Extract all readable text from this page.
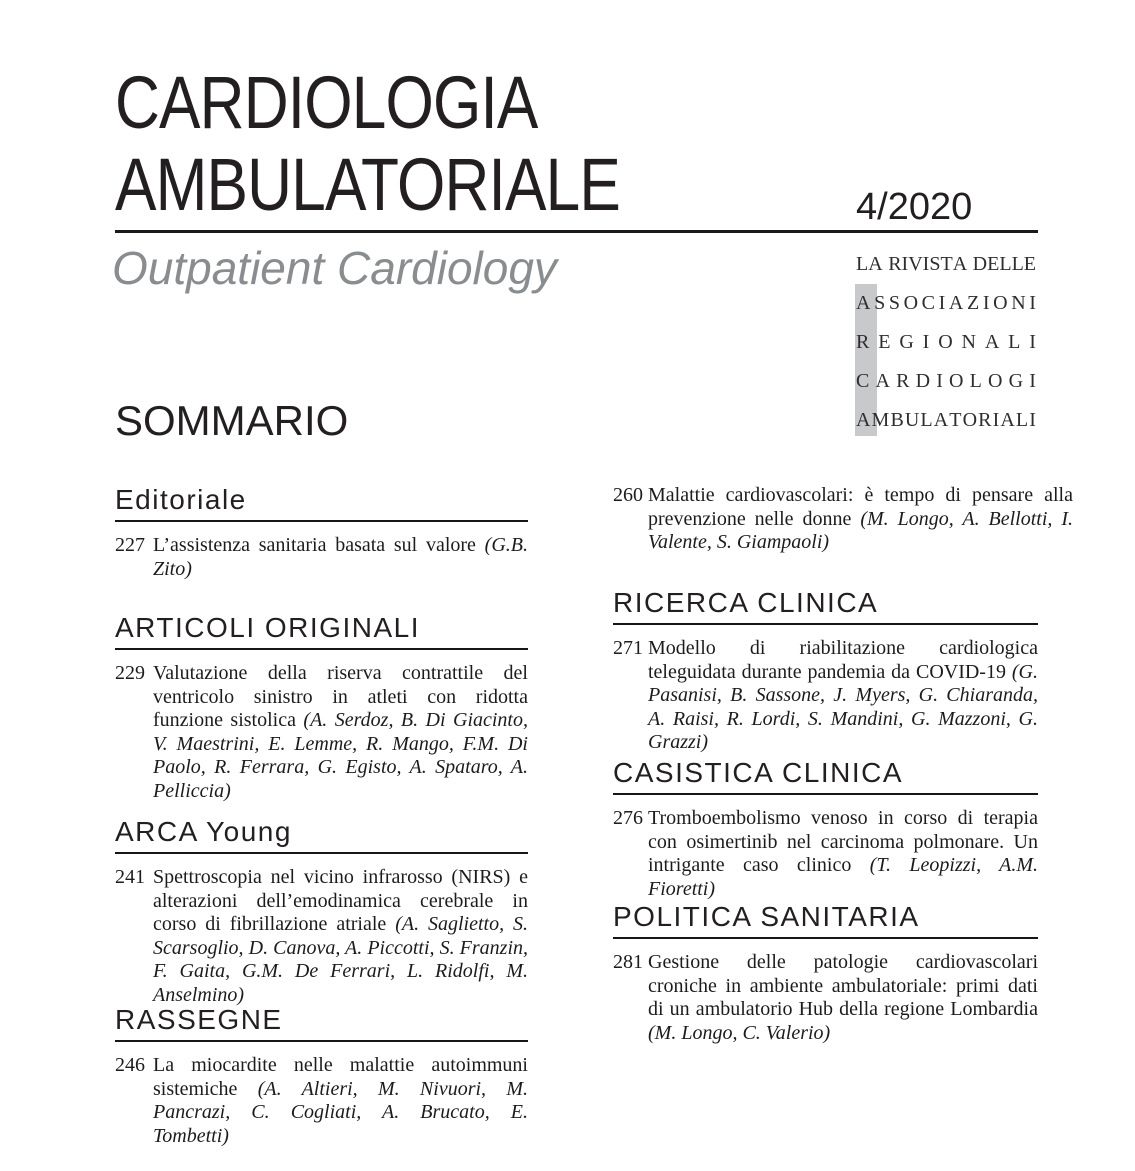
CARDIOLOGIA
AMBULATORIALE	4/2020
Outpatient Cardiology	L A
R I V I S T A
D E L L E
A S S O C I A Z I O N I
R E G I O N A L I
C A R D I O L O G I
A M B U L A T O R I A L I
SOMMARIO
Editoriale
227 L’assistenza sanitaria basata sul valore (G.B. Zito)
ARTICOLI ORIGINALI
229 Valutazione della riserva contrattile del ventricolo sinistro in atleti con ridotta funzione sistolica (A. Serdoz, B. Di Giacinto, V. Maestrini, E. Lemme, R. Mango, F.M. Di Paolo, R. Ferrara, G. Egisto, A. Spataro, A. Pelliccia)
ARCA Young
241 Spettroscopia nel vicino infrarosso (NIRS) e alterazioni dell’emodinamica cerebrale in corso di fibrillazione atriale (A. Saglietto, S. Scarsoglio, D. Canova, A. Piccotti, S. Franzin, F. Gaita, G.M. De Ferrari, L. Ridolfi, M. Anselmino)
RASSEGNE
246 La miocardite nelle malattie autoimmuni sistemiche (A. Altieri, M. Nivuori, M. Pancrazi, C. Cogliati, A. Brucato, E. Tombetti)
260 Malattie cardiovascolari: è tempo di pensare alla prevenzione nelle donne (M. Longo, A. Bellotti, I. Valente, S. Giampaoli)
RICERCA CLINICA
271 Modello di riabilitazione cardiologica teleguidata durante pandemia da COVID-19 (G. Pasanisi, B. Sassone, J. Myers, G. Chiaranda, A. Raisi, R. Lordi, S. Mandini, G. Mazzoni, G. Grazzi)
CASISTICA CLINICA
276 Tromboembolismo venoso in corso di terapia con osimertinib nel carcinoma polmonare. Un intrigante caso clinico (T. Leopizzi, A.M. Fioretti)
POLITICA SANITARIA
281 Gestione delle patologie cardiovascolari croniche in ambiente ambulatoriale: primi dati di un ambulatorio Hub della regione Lombardia (M. Longo, C. Valerio)
